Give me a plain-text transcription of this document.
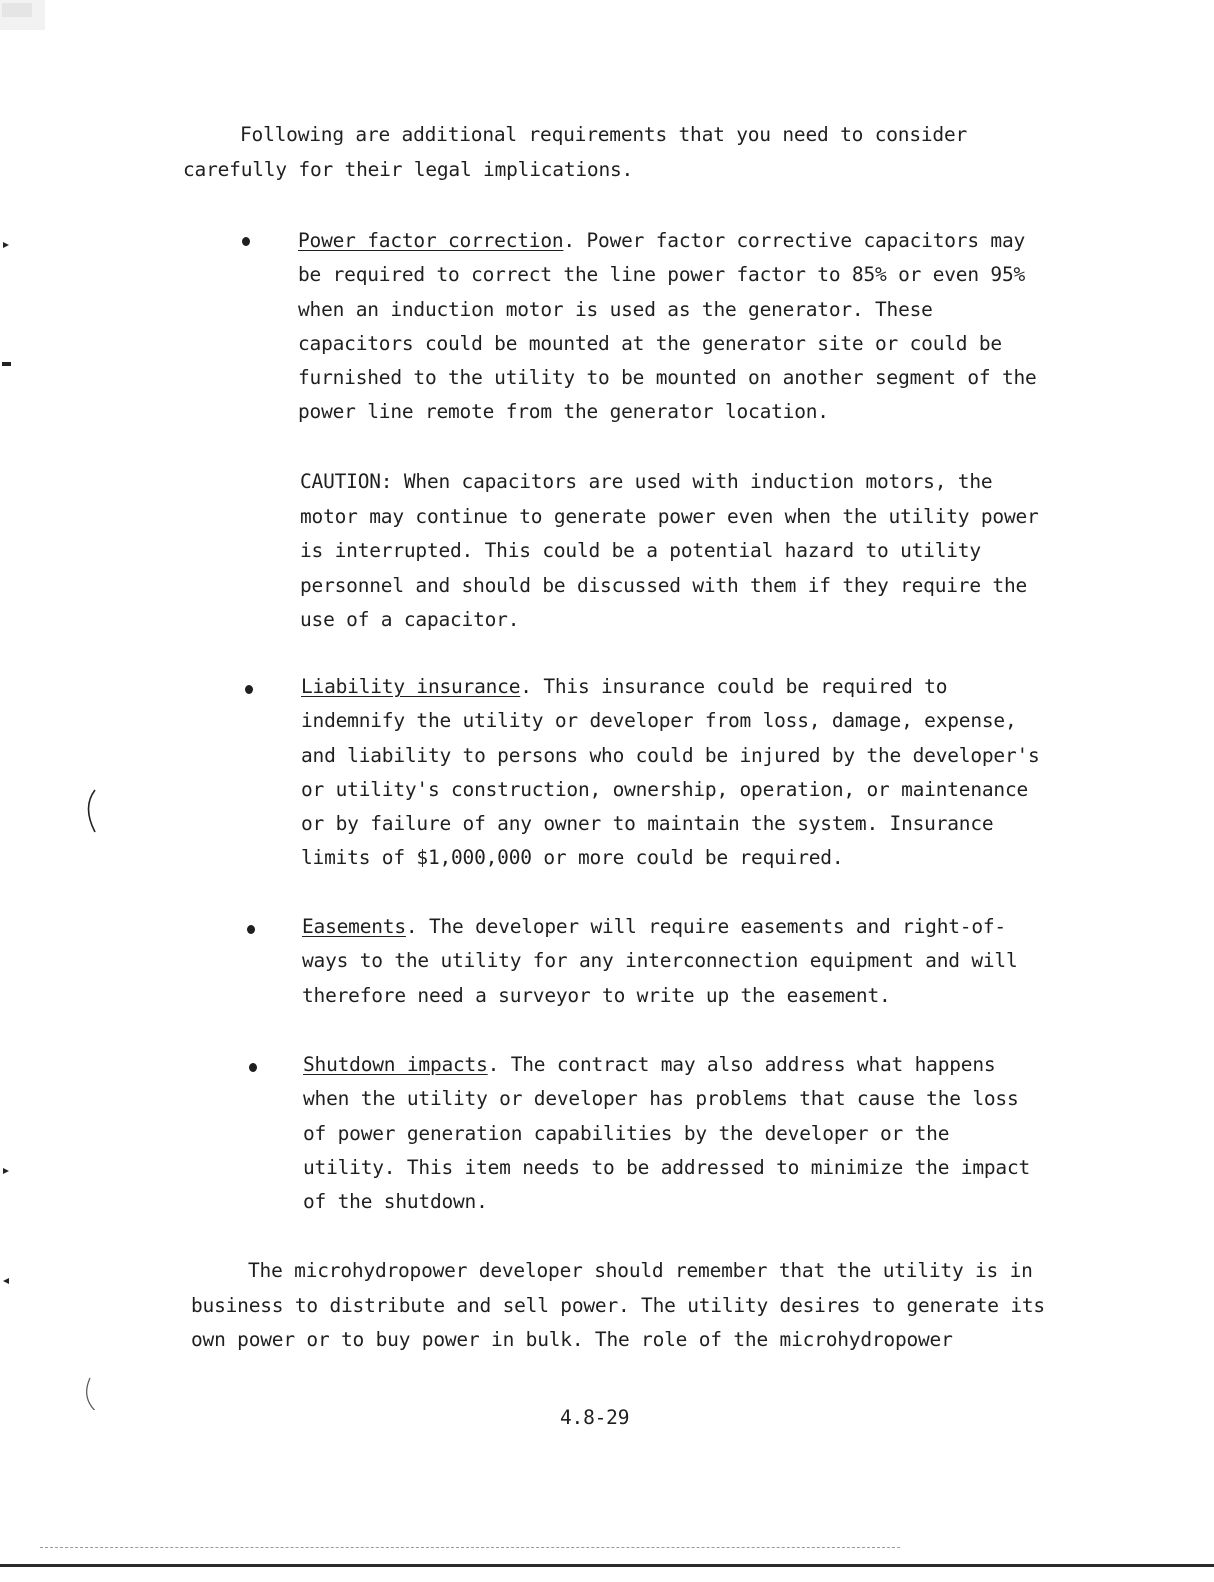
Following are additional requirements that you need to consider carefully for their legal implications.

Power factor correction. Power factor corrective capacitors may be required to correct the line power factor to 85% or even 95% when an induction motor is used as the generator. These capacitors could be mounted at the generator site or could be furnished to the utility to be mounted on another segment of the power line remote from the generator location.

CAUTION: When capacitors are used with induction motors, the motor may continue to generate power even when the utility power is interrupted. This could be a potential hazard to utility personnel and should be discussed with them if they require the use of a capacitor.

Liability insurance. This insurance could be required to indemnify the utility or developer from loss, damage, expense, and liability to persons who could be injured by the developer's or utility's construction, ownership, operation, or maintenance or by failure of any owner to maintain the system. Insurance limits of $1,000,000 or more could be required.

Easements. The developer will require easements and right-of-ways to the utility for any interconnection equipment and will therefore need a surveyor to write up the easement.

Shutdown impacts. The contract may also address what happens when the utility or developer has problems that cause the loss of power generation capabilities by the developer or the utility. This item needs to be addressed to minimize the impact of the shutdown.

The microhydropower developer should remember that the utility is in business to distribute and sell power. The utility desires to generate its own power or to buy power in bulk. The role of the microhydropower

4.8-29
